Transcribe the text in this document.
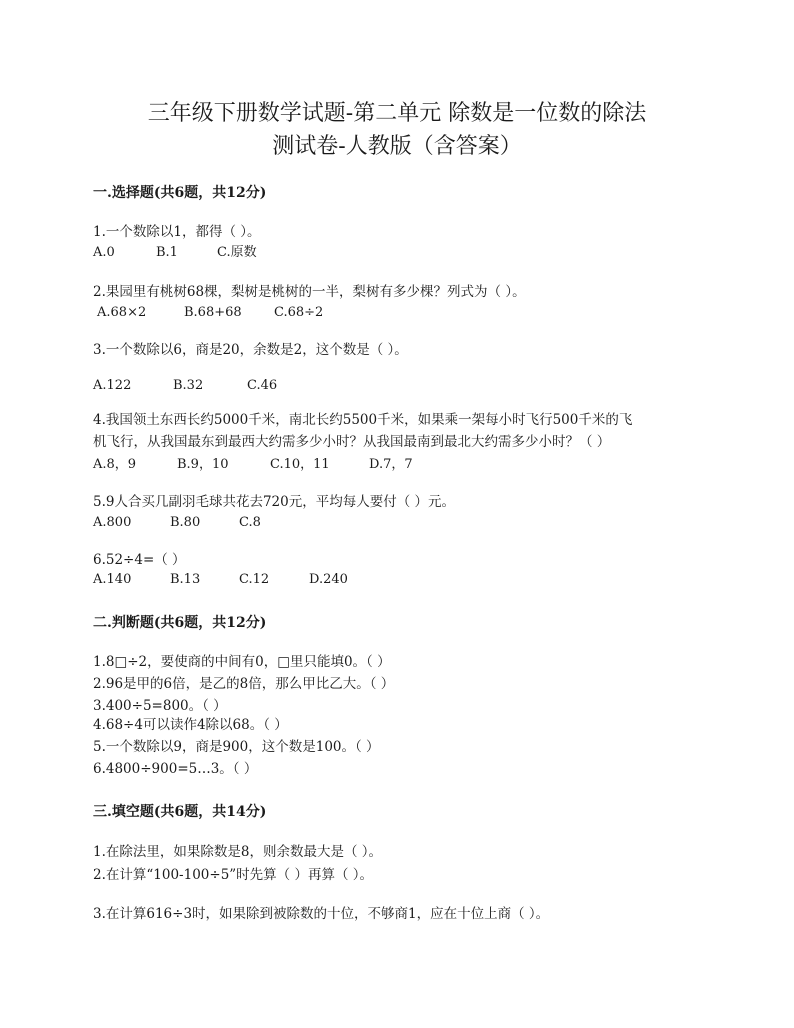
三年级下册数学试题-第二单元 除数是一位数的除法
测试卷-人教版（含答案）
一.选择题(共6题，共12分)
1.一个数除以1，都得（ ）。
A.0	B.1	C.原数
2.果园里有桃树68棵，梨树是桃树的一半，梨树有多少棵？列式为（ ）。
A.68×2	B.68+68 C.68÷2
3.一个数除以6，商是20，余数是2，这个数是（ ）。
A.122	B.32	C.46
4.我国领土东西长约5000千米，南北长约5500千米，如果乘一架每小时飞行500千米的飞
机飞行，从我国最东到最西大约需多少小时？从我国最南到最北大约需多少小时？（ ）
A.8，9	B.9，10	C.10，11	D.7，7
5.9人合买几副羽毛球共花去720元，平均每人要付（ ）元。
A.800	B.80	C.8
6.52÷4=（ ）
A.140	B.13	C.12	D.240
二.判断题(共6题，共12分)
1.8□÷2，要使商的中间有0，□里只能填0。（ ）
2.96是甲的6倍，是乙的8倍，那么甲比乙大。（ ）
3.400÷5=800。（ ）
4.68÷4可以读作4除以68。（ ）
5.一个数除以9，商是900，这个数是100。（ ）
6.4800÷900=5…3。（ ）
三.填空题(共6题，共14分)
1.在除法里，如果除数是8，则余数最大是（ ）。
2.在计算“100-100÷5”时先算（ ）再算（ ）。
3.在计算616÷3时，如果除到被除数的十位，不够商1，应在十位上商（ ）。
